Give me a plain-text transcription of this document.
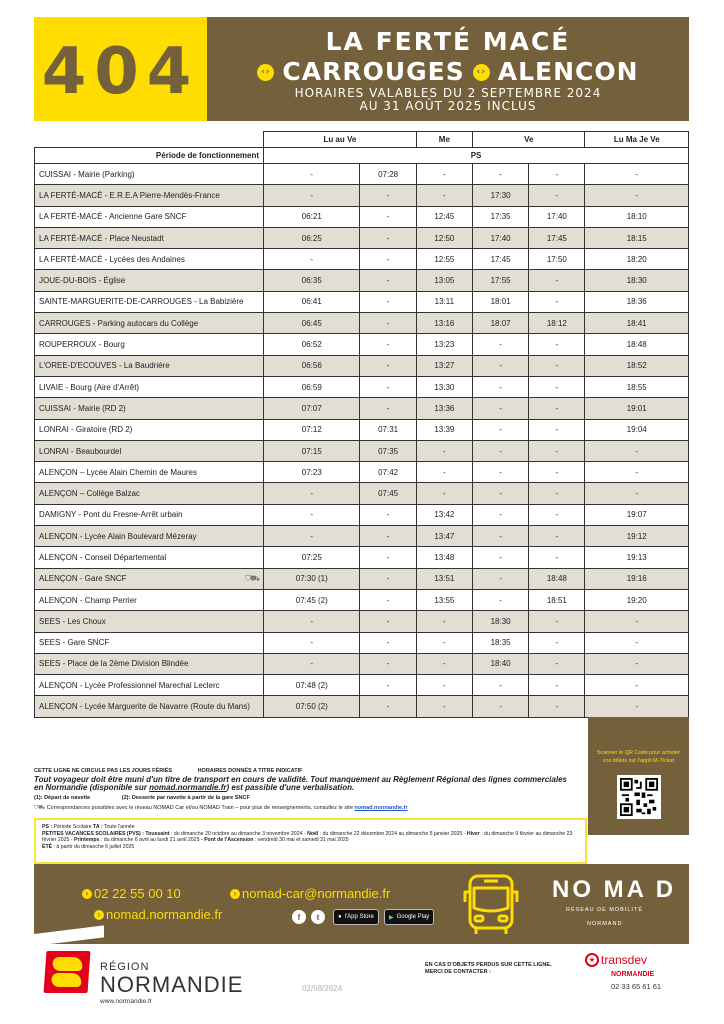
404	LA FERTÉ MACÉ
‹› CARROUGES	‹› ALENCON
HORAIRES VALABLES DU 2 SEPTEMBRE 2024
AU 31 AOÛT 2025 INCLUS
	Lu au Ve		Me	Ve		Lu Ma Je Ve
Période de fonctionnement	PS					
CUISSAI - Mairie (Parking)	-	07:28	-	-	-	-
LA FERTÉ-MACÉ - E.R.E.A Pierre-Mendès-France	-	-	-	17:30	-	-
LA FERTÉ-MACÉ - Ancienne Gare SNCF	06:21	-	12:45	17:35	17:40	18:10
LA FERTÉ-MACÉ - Place Neustadt	06:25	-	12:50	17:40	17:45	18:15
LA FERTÉ-MACÉ - Lycées des Andaines	-	-	12:55	17:45	17:50	18:20
JOUE-DU-BOIS - Église	06:35	-	13:05	17:55	-	18:30
SAINTE-MARGUERITE-DE-CARROUGES - La Babizière	06:41	-	13:11	18:01	-	18:36
CARROUGES - Parking autocars du Collège	06:45	-	13:16	18:07	18:12	18:41
ROUPERROUX - Bourg	06:52	-	13:23	-	-	18:48
L'OREE-D'ECOUVES - La Baudriére	06:56	-	13:27	-	-	18:52
LIVAIE - Bourg (Aire d'Arrêt)	06:59	-	13:30	-	-	18:55
CUISSAI - Mairie (RD 2)	07:07	-	13:36	-	-	19:01
LONRAI - Giratoire (RD 2)	07:12	07:31	13:39	-	-	19:04
LONRAI - Beaubourdel	07:15	07:35	-	-	-	-
ALENÇON – Lycée Alain Chemin de Maures	07:23	07:42	-	-	-	-
ALENÇON – Collège Balzac	-	07:45	-	-	-	-
DAMIGNY - Pont du Fresne-Arrêt urbain	-	-	13:42	-	-	19:07
ALENÇON - Lycée Alain Boulevard Mézeray	-	-	13:47	-	-	19:12
ALENÇON - Conseil Départemental	07:25	-	13:48	-	-	19:13
ALENÇON - Gare SNCF ⛉⛟	07:30 (1)	-	13:51	-	18:48	19:16
ALENÇON - Champ Perrier	07:45 (2)	-	13:55	-	18:51	19:20
SEES - Les Choux	-	-	-	18:30	-	-
SEES - Gare SNCF	-	-	-	18:35	-	-
SEES - Place de la 2ème Division Blindée	-	-	-	18:40	-	-
ALENÇON - Lycée Professionnel Marechal Leclerc	07:48 (2)	-	-	-	-	-
ALENÇON - Lycée Marguerite de Navarre (Route du Mans)	07:50 (2)	-	-	-	-	-
CETTE LIGNE NE CIRCULE PAS LES JOURS FÉRIÉS	HORAIRES DONNÉS A TITRE INDICATIF
Tout voyageur doit être muni d'un titre de transport en cours de validité. Tout manquement au Règlement Régional des lignes commerciales en Normandie (disponible sur nomad.normandie.fr) est passible d'une verbalisation.
(1): Départ de navette	(2): Desserte par navette à partir de la gare SNCF
⛉⛟ Correspondances possibles avec le réseau NOMAD Car et/ou NOMAD Train – pour plus de renseignements, consultez le site nomad.normandie.fr
PS : Période Scolaire TA : Toute l'année
PETITES VACANCES SCOLAIRES (PVS) : Toussaint : du dimanche 20 octobre au dimanche 3 novembre 2024 - Noël : du dimanche 22 décembre 2024 au dimanche 5 janvier 2025 - Hiver : du dimanche 9 février au dimanche 23 février 2025 - Printemps : du dimanche 6 avril au lundi 21 avril 2025 - Pont de l'Ascension : vendredi 30 mai et samedi 31 mai 2025
ÉTÉ : à partir du dimanche 6 juillet 2025
Scanner le QR Code pour acheter vos billets sur l'appli M-Ticket
› 02 22 55 00 10	› nomad-car@normandie.fr
› nomad.normandie.fr	f	t	● l'App Store	▶ Google Play
NO MA D
RÉSEAU DE MOBILITÉ
NORMAND
RÉGION
NORMANDIE
www.normandie.fr
02/08/2024
EN CAS D'OBJETS PERDUS SUR CETTE LIGNE,
MERCI DE CONTACTER :
★ transdev
NORMANDIE
02 33 65 61 61
